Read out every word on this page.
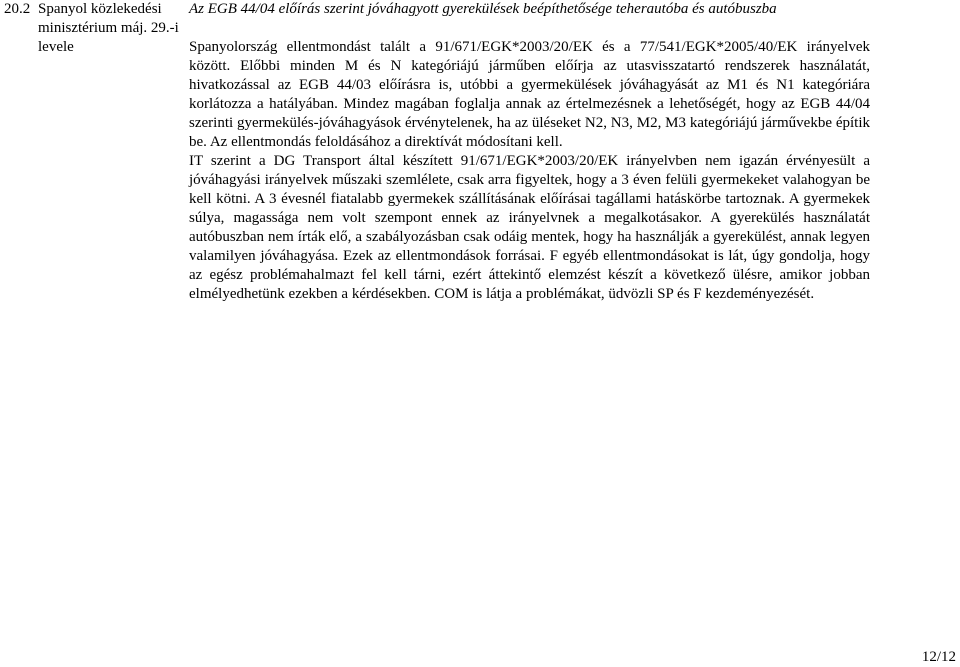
20.2 Spanyol közlekedési minisztérium máj. 29.-i levele

Az EGB 44/04 előírás szerint jóváhagyott gyerekülések beépíthetősége teherautóba és autóbuszba

Spanyolország ellentmondást talált a 91/671/EGK*2003/20/EK és a 77/541/EGK*2005/40/EK irányelvek között. Előbbi minden M és N kategóriájú járműben előírja az utasvisszatartó rendszerek használatát, hivatkozással az EGB 44/03 előírásra is, utóbbi a gyermekülések jóváhagyását az M1 és N1 kategóriára korlátozza a hatályában. Mindez magában foglalja annak az értelmezésnek a lehetőségét, hogy az EGB 44/04 szerinti gyermekülés-jóváhagyások érvénytelenek, ha az üléseket N2, N3, M2, M3 kategóriájú járművekbe építik be. Az ellentmondás feloldásához a direktívát módosítani kell.

IT szerint a DG Transport által készített 91/671/EGK*2003/20/EK irányelvben nem igazán érvényesült a jóváhagyási irányelvek műszaki szemlélete, csak arra figyeltek, hogy a 3 éven felüli gyermekeket valahogyan be kell kötni. A 3 évesnél fiatalabb gyermekek szállításának előírásai tagállami hatáskörbe tartoznak. A gyermekek súlya, magassága nem volt szempont ennek az irányelvnek a megalkotásakor. A gyerekülés használatát autóbuszban nem írták elő, a szabályozásban csak odáig mentek, hogy ha használják a gyerekülést, annak legyen valamilyen jóváhagyása. Ezek az ellentmondások forrásai. F egyéb ellentmondásokat is lát, úgy gondolja, hogy az egész problémahalmazt fel kell tárni, ezért áttekintő elemzést készít a következő ülésre, amikor jobban elmélyedhetünk ezekben a kérdésekben. COM is látja a problémákat, üdvözli SP és F kezdeményezését.

12/12
